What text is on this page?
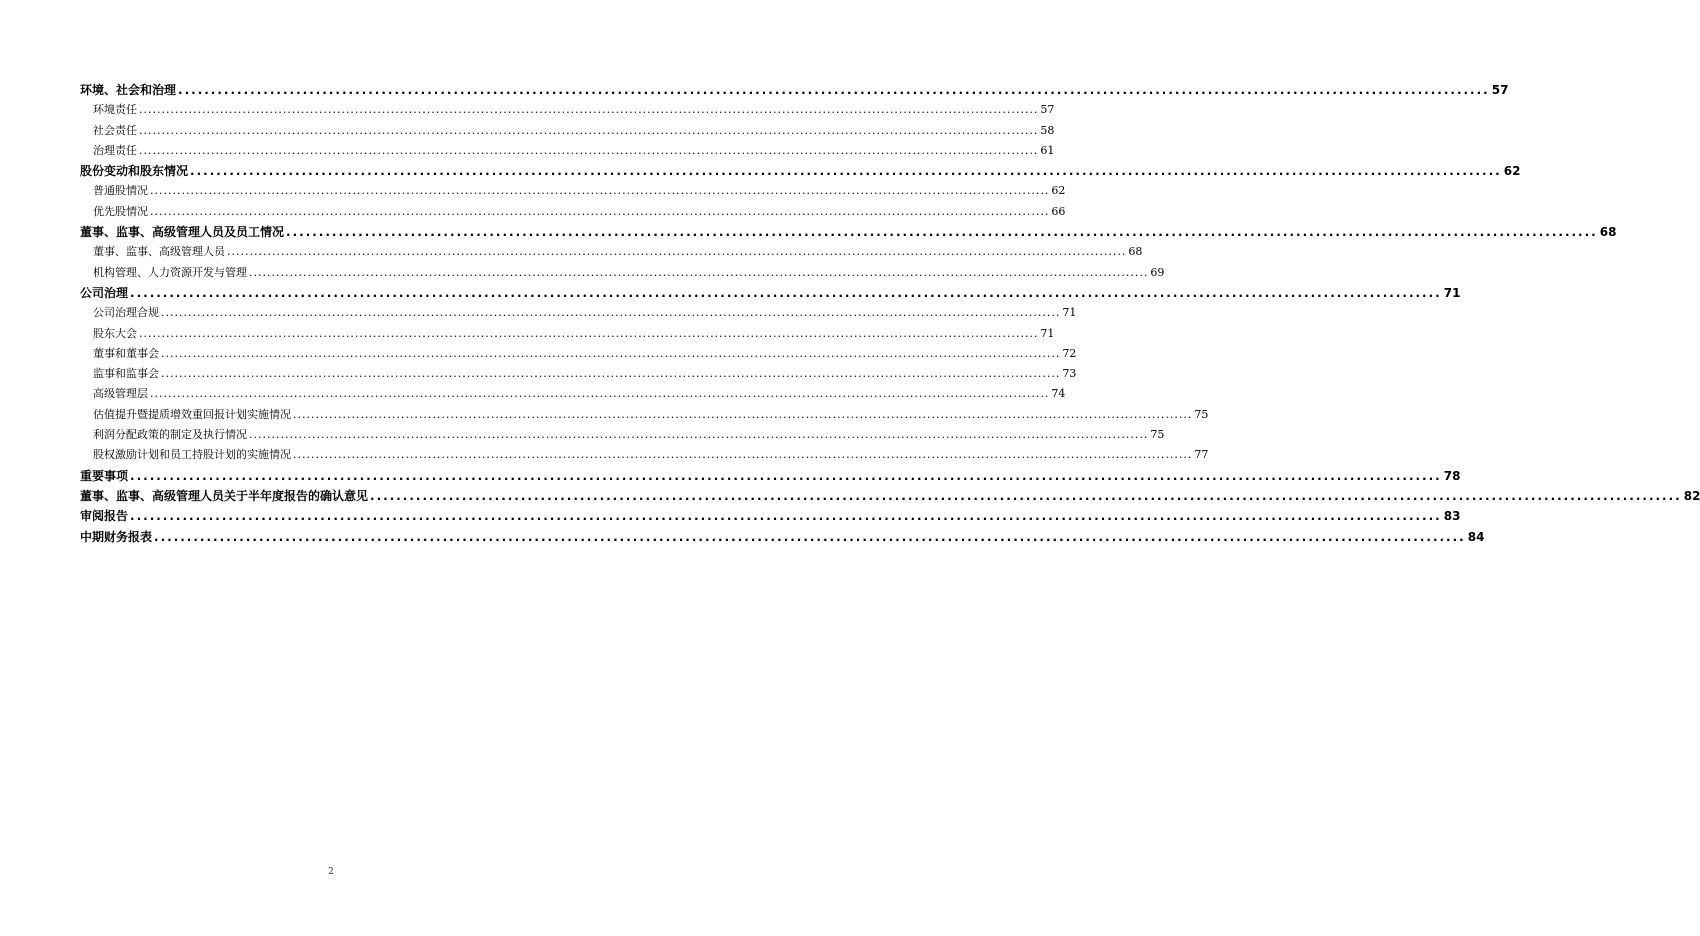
环境、社会和治理 ........................................................................................................................................................................................................ 57
环境责任 ........................................................................................................................................................................................................ 57
社会责任 ........................................................................................................................................................................................................ 58
治理责任 ........................................................................................................................................................................................................ 61
股份变动和股东情况 ........................................................................................................................................................................................................ 62
普通股情况 ........................................................................................................................................................................................................ 62
优先股情况 ........................................................................................................................................................................................................ 66
董事、监事、高级管理人员及员工情况 ........................................................................................................................................................................................................ 68
董事、监事、高级管理人员 ........................................................................................................................................................................................................ 68
机构管理、人力资源开发与管理 ........................................................................................................................................................................................................ 69
公司治理 ........................................................................................................................................................................................................ 71
公司治理合规 ........................................................................................................................................................................................................ 71
股东大会 ........................................................................................................................................................................................................ 71
董事和董事会 ........................................................................................................................................................................................................ 72
监事和监事会 ........................................................................................................................................................................................................ 73
高级管理层 ........................................................................................................................................................................................................ 74
估值提升暨提质增效重回报计划实施情况 ........................................................................................................................................................................................................ 75
利润分配政策的制定及执行情况 ........................................................................................................................................................................................................ 75
股权激励计划和员工持股计划的实施情况 ........................................................................................................................................................................................................ 77
重要事项 ........................................................................................................................................................................................................ 78
董事、监事、高级管理人员关于半年度报告的确认意见 ........................................................................................................................................................................................................ 82
审阅报告 ........................................................................................................................................................................................................ 83
中期财务报表 ........................................................................................................................................................................................................ 84
2
